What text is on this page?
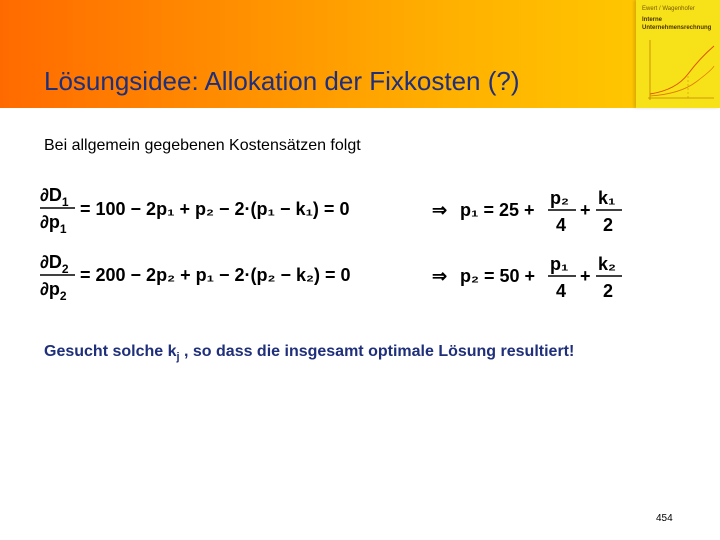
Lösungsidee: Allokation der Fixkosten (?)
Ewert / Wagenhofer
Interne
Unternehmensrechnung
Bei allgemein gegebenen Kostensätzen folgt
$\partial D_1$
$\partial p_1$
= 100 − 2p₁ + p₂ − 2·(p₁ − k₁) = 0	⇒ p₁ = 25 +
p₂
4
+
k₁
2
$\partial D_2$
$\partial p_2$
= 200 − 2p₂ + p₁ − 2·(p₂ − k₂) = 0	⇒ p₂ = 50 +
p₁
4
+
k₂
2
Gesucht solche $k_j$ , so dass die insgesamt optimale Lösung resultiert!
454
